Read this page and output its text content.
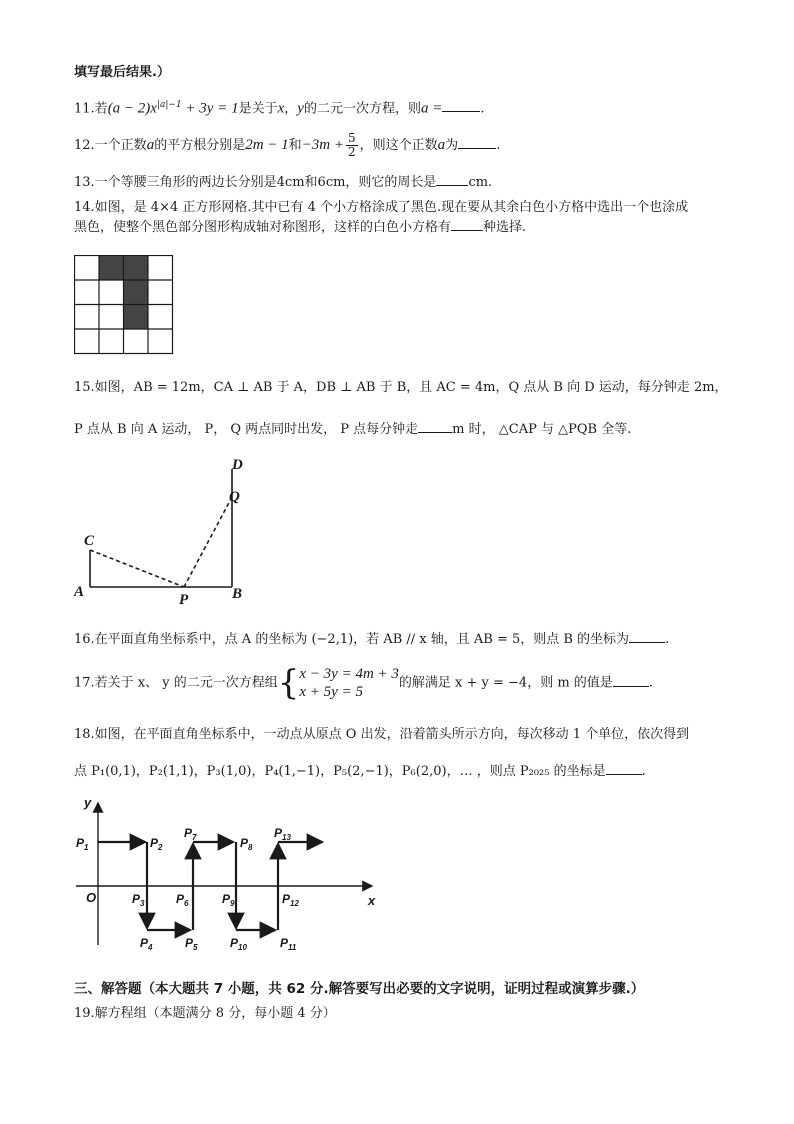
填写最后结果.）
11.若$(a - 2)x^{|a|-1} + 3y = 1$是关于x，y的二元一次方程，则a =	.
12.一个正数a的平方根分别是2m − 1和$-3m + \frac{5}{2}$ ，则这个正数a为	.
13.一个等腰三角形的两边长分别是4cm和6cm，则它的周长是 cm.
14.如图，是 4×4 正方形网格.其中已有 4 个小方格涂成了黑色.现在要从其余白色小方格中选出一个也涂成
黑色，使整个黑色部分图形构成轴对称图形，这样的白色小方格有 种选择.
15.如图，AB = 12m，CA ⊥ AB 于 A，DB ⊥ AB 于 B，且 AC = 4m，Q 点从 B 向 D 运动，每分钟走 2m，
P 点从 B 向 A 运动， P， Q 两点同时出发， P 点每分钟走	m 时， △CAP 与 △PQB 全等.
A	B
C
D
P
Q
16.在平面直角坐标系中，点 A 的坐标为 (−2,1)，若 AB // x 轴，且 AB = 5，则点 B 的坐标为	.
17.若关于 x、 y 的二元一次方程组{ x − 3y = 4m + 3
x + 5y = 5
的解满足 x + y = −4，则 m 的值是	.
18.如图，在平面直角坐标系中，一动点从原点 O 出发，沿着箭头所示方向，每次移动 1 个单位，依次得到
点 P₁(0,1)，P₂(1,1)，P₃(1,0)，P₄(1,−1)，P₅(2,−1)，P₆(2,0)，… ，则点 P₂₀₂₅ 的坐标是	.
y
x
O
$P_1$	$P_2$
$P_3$
$P_4$	$P_5$
$P_6$
$P_7$	$P_8$
$P_9$
$P_{10}$	$P_{11}$
$P_{12}$
$P_{13}$
三、解答题（本大题共 7 小题，共 62 分.解答要写出必要的文字说明，证明过程或演算步骤.）
19.解方程组（本题满分 8 分，每小题 4 分）
